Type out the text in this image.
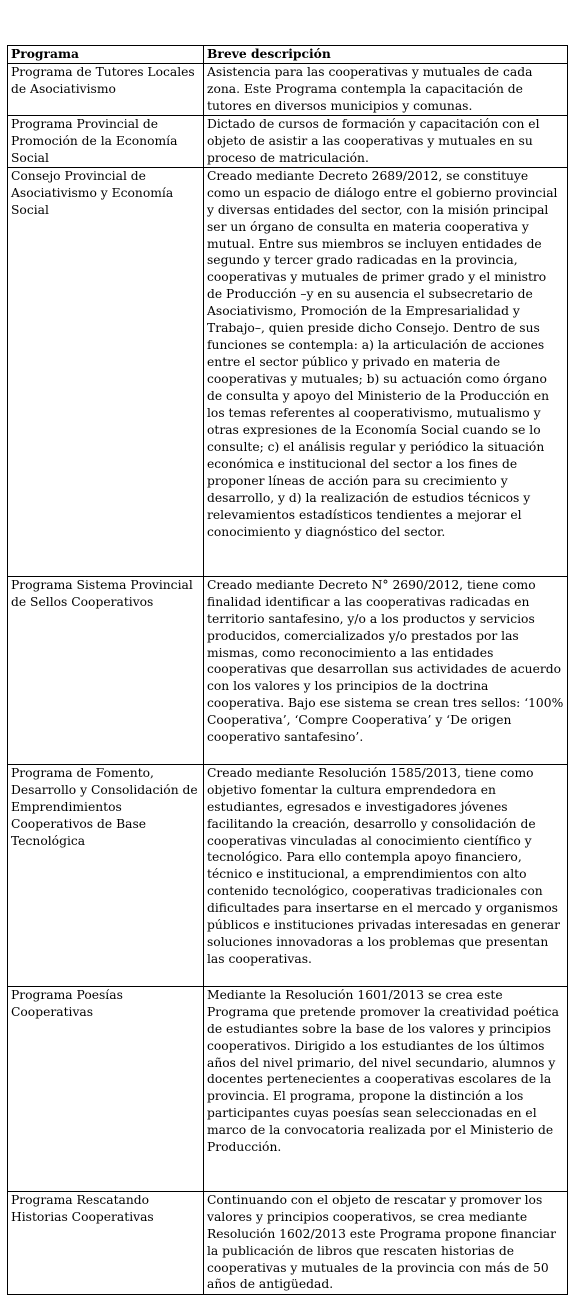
Programa	Breve descripción
Programa de Tutores Locales de Asociativismo	Asistencia para las cooperativas y mutuales de cada zona. Este Programa contempla la capacitación de tutores en diversos municipios y comunas.
Programa Provincial de Promoción de la Economía Social	Dictado de cursos de formación y capacitación con el objeto de asistir a las cooperativas y mutuales en su proceso de matriculación.
Consejo Provincial de Asociativismo y Economía Social	Creado mediante Decreto 2689/2012, se constituye como un espacio de diálogo entre el gobierno provincial y diversas entidades del sector, con la misión principal ser un órgano de consulta en materia cooperativa y mutual. Entre sus miembros se incluyen entidades de segundo y tercer grado radicadas en la provincia, cooperativas y mutuales de primer grado y el ministro de Producción –y en su ausencia el subsecretario de Asociativismo, Promoción de la Empresarialidad y Trabajo–, quien preside dicho Consejo. Dentro de sus funciones se contempla: a) la articulación de acciones entre el sector público y privado en materia de cooperativas y mutuales; b) su actuación como órgano de consulta y apoyo del Ministerio de la Producción en los temas referentes al cooperativismo, mutualismo y otras expresiones de la Economía Social cuando se lo consulte; c) el análisis regular y periódico la situación económica e institucional del sector a los fines de proponer líneas de acción para su crecimiento y desarrollo, y d) la realización de estudios técnicos y relevamientos estadísticos tendientes a mejorar el conocimiento y diagnóstico del sector.
Programa Sistema Provincial de Sellos Cooperativos	Creado mediante Decreto N° 2690/2012, tiene como finalidad identificar a las cooperativas radicadas en territorio santafesino, y/o a los productos y servicios producidos, comercializados y/o prestados por las mismas, como reconocimiento a las entidades cooperativas que desarrollan sus actividades de acuerdo con los valores y los principios de la doctrina cooperativa. Bajo ese sistema se crean tres sellos: ‘100% Cooperativa’, ‘Compre Cooperativa’ y ‘De origen cooperativo santafesino’.
Programa de Fomento, Desarrollo y Consolidación de Emprendimientos Cooperativos de Base Tecnológica	Creado mediante Resolución 1585/2013, tiene como objetivo fomentar la cultura emprendedora en estudiantes, egresados e investigadores jóvenes facilitando la creación, desarrollo y consolidación de cooperativas vinculadas al conocimiento científico y tecnológico. Para ello contempla apoyo financiero, técnico e institucional, a emprendimientos con alto contenido tecnológico, cooperativas tradicionales con dificultades para insertarse en el mercado y organismos públicos e instituciones privadas interesadas en generar soluciones innovadoras a los problemas que presentan las cooperativas.
Programa Poesías Cooperativas	Mediante la Resolución 1601/2013 se crea este Programa que pretende promover la creatividad poética de estudiantes sobre la base de los valores y principios cooperativos. Dirigido a los estudiantes de los últimos años del nivel primario, del nivel secundario, alumnos y docentes pertenecientes a cooperativas escolares de la provincia. El programa, propone la distinción a los participantes cuyas poesías sean seleccionadas en el marco de la convocatoria realizada por el Ministerio de Producción.
Programa Rescatando Historias Cooperativas	Continuando con el objeto de rescatar y promover los valores y principios cooperativos, se crea mediante Resolución 1602/2013 este Programa propone financiar la publicación de libros que rescaten historias de cooperativas y mutuales de la provincia con más de 50 años de antigüedad.
